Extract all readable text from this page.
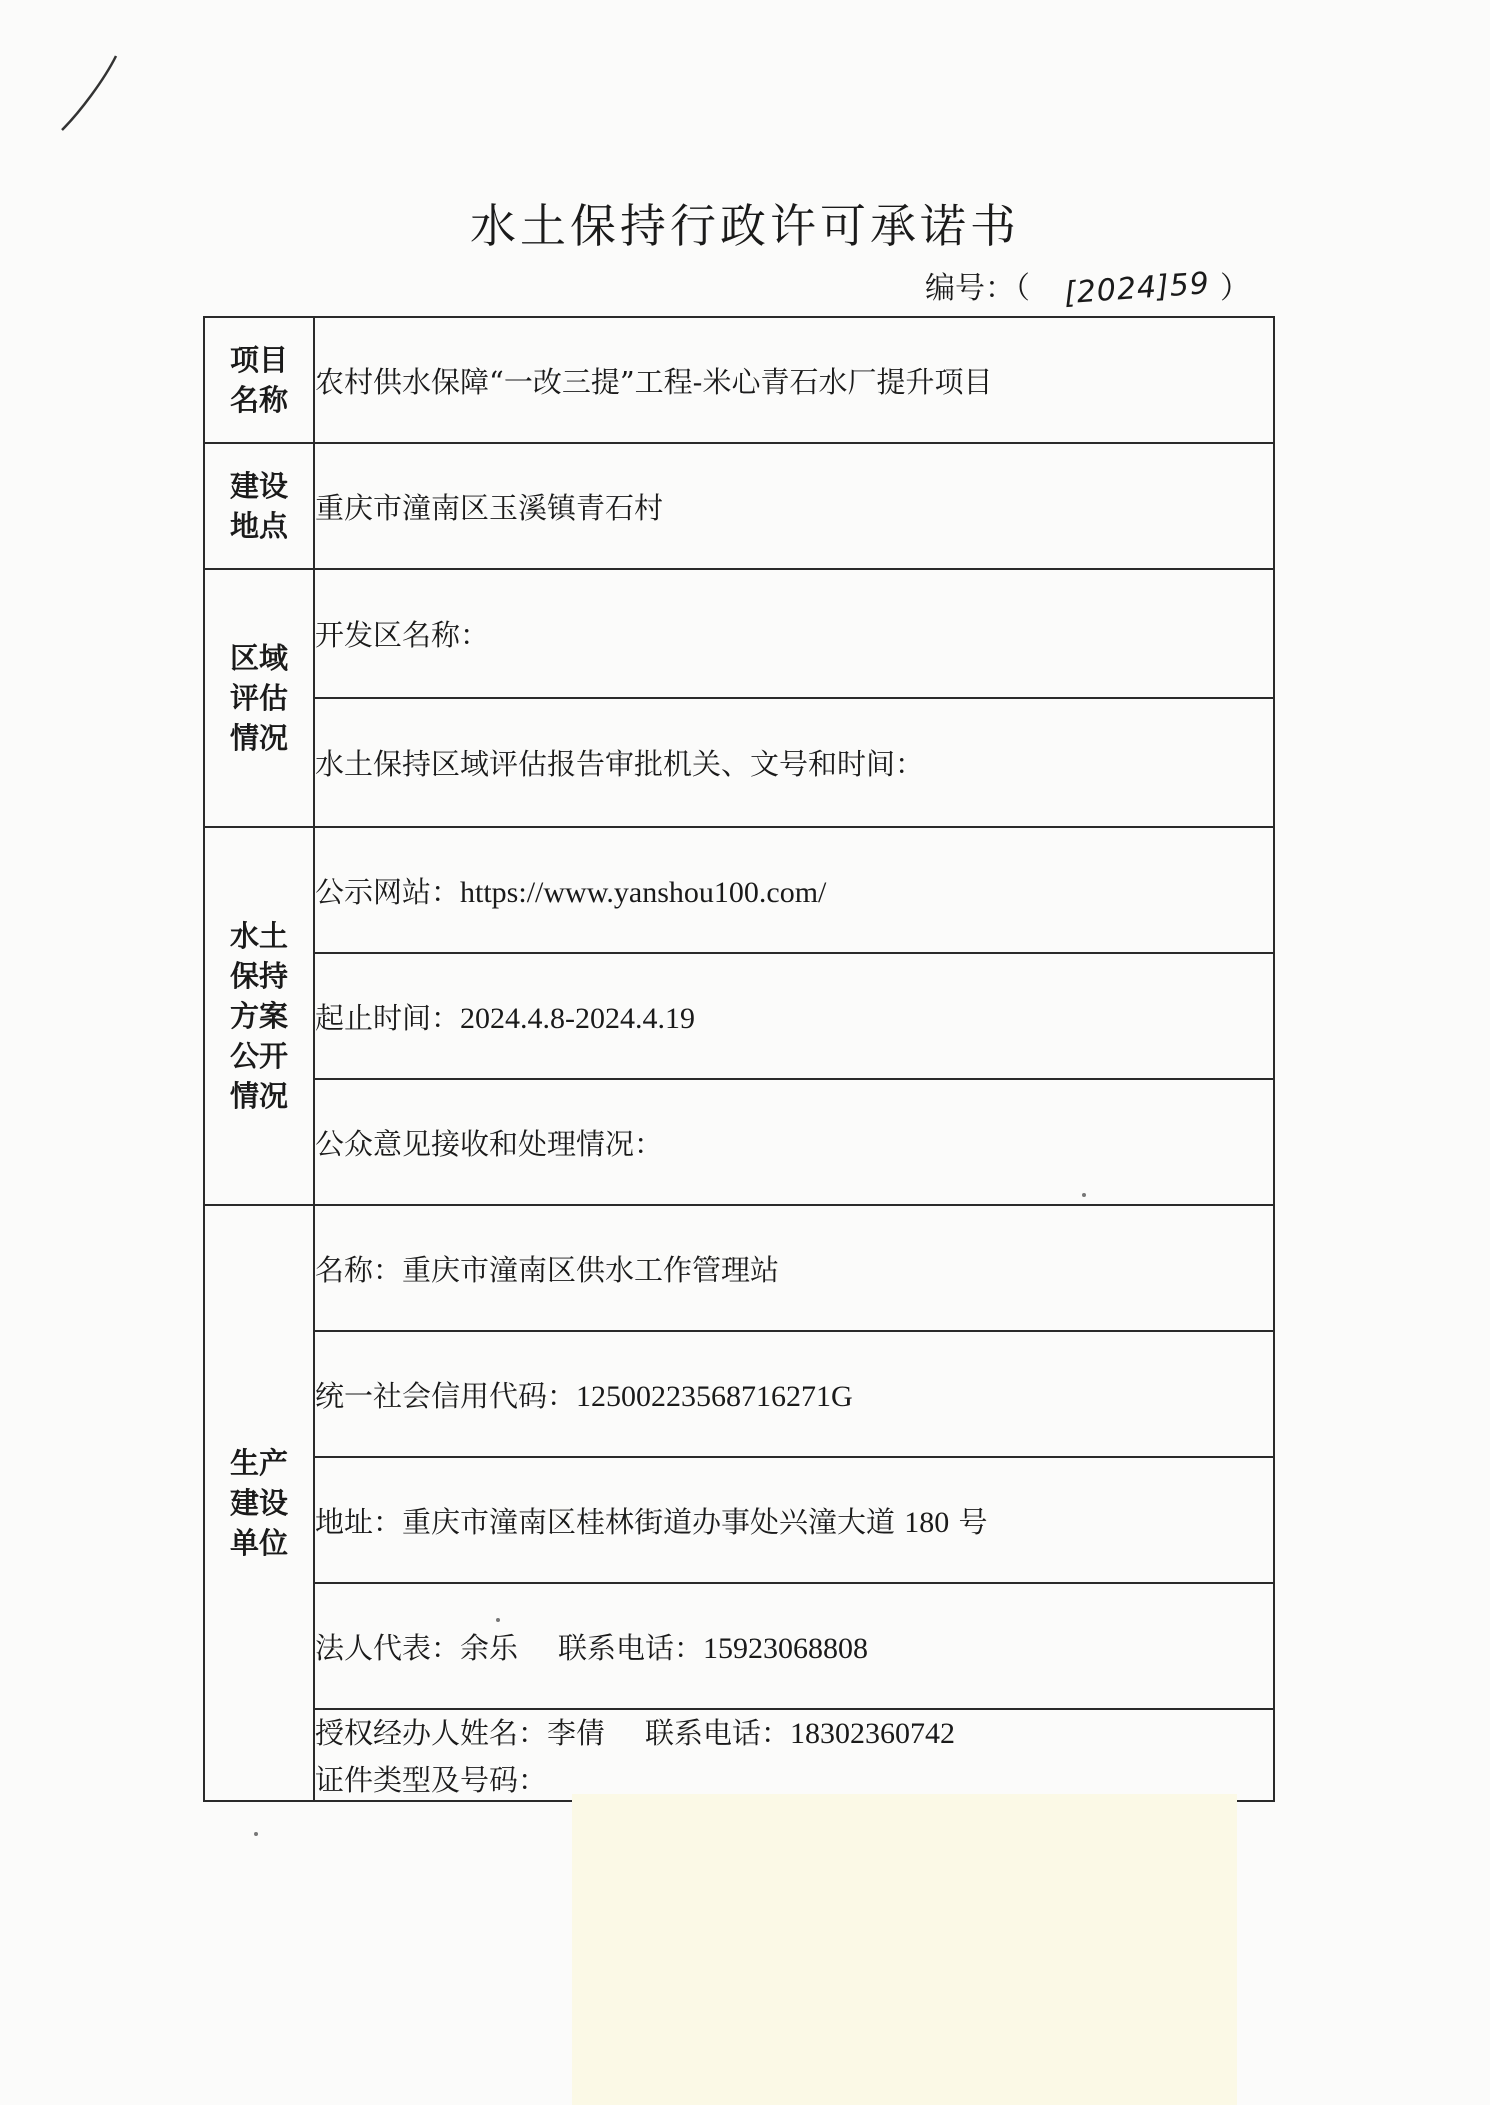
水土保持行政许可承诺书
编号：（ [2024]59 ）
项目名称	农村供水保障“一改三提”工程-米心青石水厂提升项目
建设地点	重庆市潼南区玉溪镇青石村
区域评估情况	开发区名称：
	水土保持区域评估报告审批机关、文号和时间：
水土保持方案公开情况	公示网站：https://www.yanshou100.com/
	起止时间：2024.4.8-2024.4.19
	公众意见接收和处理情况：
生产建设单位	名称：重庆市潼南区供水工作管理站
	统一社会信用代码：12500223568716271G
	地址：重庆市潼南区桂林街道办事处兴潼大道 180 号
	法人代表：余乐 联系电话：15923068808

	授权经办人姓名：李倩 联系电话：18302360742
证件类型及号码：
